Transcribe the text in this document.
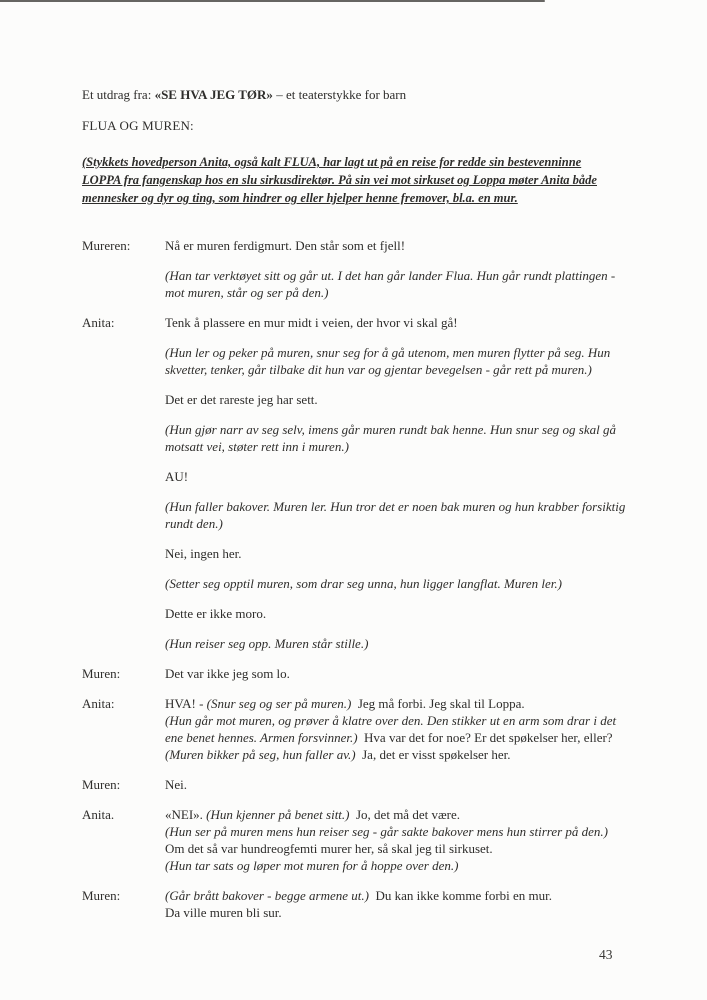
Et utdrag fra: «SE HVA JEG TØR» – et teaterstykke for barn

FLUA OG MUREN:

(Stykkets hovedperson Anita, også kalt FLUA, har lagt ut på en reise for redde sin bestevenninne
LOPPA fra fangenskap hos en slu sirkusdirektør. På sin vei mot sirkuset og Loppa møter Anita både
mennesker og dyr og ting, som hindrer og eller hjelper henne fremover, bl.a. en mur.
Mureren:	Nå er muren ferdigmurt. Den står som et fjell!

(Han tar verktøyet sitt og går ut. I det han går lander Flua. Hun går rundt plattingen - mot muren, står og ser på den.)

Anita:	Tenk å plassere en mur midt i veien, der hvor vi skal gå!

(Hun ler og peker på muren, snur seg for å gå utenom, men muren flytter på seg. Hun skvetter, tenker, går tilbake dit hun var og gjentar bevegelsen - går rett på muren.)

Det er det rareste jeg har sett.

(Hun gjør narr av seg selv, imens går muren rundt bak henne. Hun snur seg og skal gå motsatt vei, støter rett inn i muren.)

AU!

(Hun faller bakover. Muren ler. Hun tror det er noen bak muren og hun krabber forsiktig rundt den.)

Nei, ingen her.

(Setter seg opptil muren, som drar seg unna, hun ligger langflat. Muren ler.)

Dette er ikke moro.

(Hun reiser seg opp. Muren står stille.)

Muren:	Det var ikke jeg som lo.

Anita:	HVA! - (Snur seg og ser på muren.) Jeg må forbi. Jeg skal til Loppa.

(Hun går mot muren, og prøver å klatre over den. Den stikker ut en arm som drar i det ene benet hennes. Armen forsvinner.) Hva var det for noe? Er det spøkelser her, eller? (Muren bikker på seg, hun faller av.) Ja, det er visst spøkelser her.

Muren:	Nei.

Anita.	«NEI». (Hun kjenner på benet sitt.) Jo, det må det være.

(Hun ser på muren mens hun reiser seg - går sakte bakover mens hun stirrer på den.) Om det så var hundreogfemti murer her, så skal jeg til sirkuset.

(Hun tar sats og løper mot muren for å hoppe over den.)

Muren:	(Går brått bakover - begge armene ut.) Du kan ikke komme forbi en mur.

Da ville muren bli sur.

43
